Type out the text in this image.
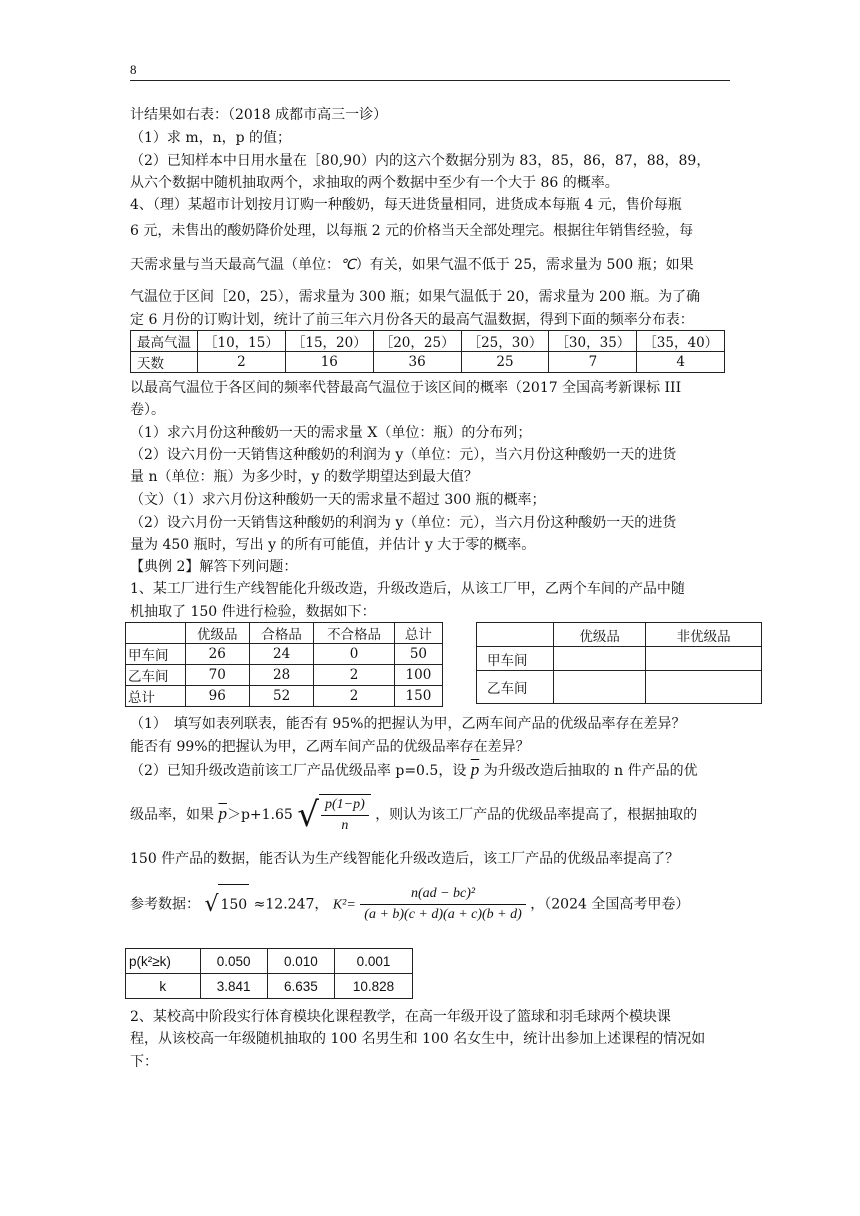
8
计结果如右表：（2018 成都市高三一诊）
（1）求 m，n，p 的值；
（2）已知样本中日用水量在［80,90）内的这六个数据分别为 83，85，86，87，88，89，
从六个数据中随机抽取两个，求抽取的两个数据中至少有一个大于 86 的概率。
4、（理）某超市计划按月订购一种酸奶，每天进货量相同，进货成本每瓶 4 元，售价每瓶
6 元，未售出的酸奶降价处理，以每瓶 2 元的价格当天全部处理完。根据往年销售经验，每
天需求量与当天最高气温（单位：℃）有关，如果气温不低于 25，需求量为 500 瓶；如果
气温位于区间［20，25），需求量为 300 瓶；如果气温低于 20，需求量为 200 瓶。为了确
定 6 月份的订购计划，统计了前三年六月份各天的最高气温数据，得到下面的频率分布表：
最高气温	［10，15）	［15，20）	［20，25）	［25，30）	［30，35）	［35，40）
天数	2	16	36	25	7	4
以最高气温位于各区间的频率代替最高气温位于该区间的概率（2017 全国高考新课标 III
卷）。
（1）求六月份这种酸奶一天的需求量 X（单位：瓶）的分布列；
（2）设六月份一天销售这种酸奶的利润为 y（单位：元），当六月份这种酸奶一天的进货
量 n（单位：瓶）为多少时，y 的数学期望达到最大值？
（文）（1）求六月份这种酸奶一天的需求量不超过 300 瓶的概率；
（2）设六月份一天销售这种酸奶的利润为 y（单位：元），当六月份这种酸奶一天的进货
量为 450 瓶时，写出 y 的所有可能值，并估计 y 大于零的概率。
【典例 2】解答下列问题：
1、某工厂进行生产线智能化升级改造，升级改造后，从该工厂甲，乙两个车间的产品中随
机抽取了 150 件进行检验，数据如下：
	优级品	合格品	不合格品	总计
甲车间	26	24	0	50
乙车间	70	28	2	100
总计	96	52	2	150
	优级品	非优级品
甲车间		
乙车间		
（1）　填写如表列联表，能否有 95%的把握认为甲，乙两车间产品的优级品率存在差异？
能否有 99%的把握认为甲，乙两车间产品的优级品率存在差异？
（2）已知升级改造前该工厂产品优级品率 p=0.5，设 $\overline{p}$ 为升级改造后抽取的 n 件产品的优
级品率，如果 $\overline{p}>p+1.65$ √ $\frac{p(1-p)}{n}$ ，则认为该工厂产品的优级品率提高了，根据抽取的
150 件产品的数据，能否认为生产线智能化升级改造后，该工厂产品的优级品率提高了？
参考数据： √ 150 ≈12.247， $K^2= \frac{\text{n(ad − bc)²}}{(a + b)(c + d)(a + c)(b + d)}$ ，（2024 全国高考甲卷）
p(k²≥k)	0.050	0.010	0.001
k	3.841	6.635	10.828
2、某校高中阶段实行体育模块化课程教学，在高一年级开设了篮球和羽毛球两个模块课
程，从该校高一年级随机抽取的 100 名男生和 100 名女生中，统计出参加上述课程的情况如
下：
